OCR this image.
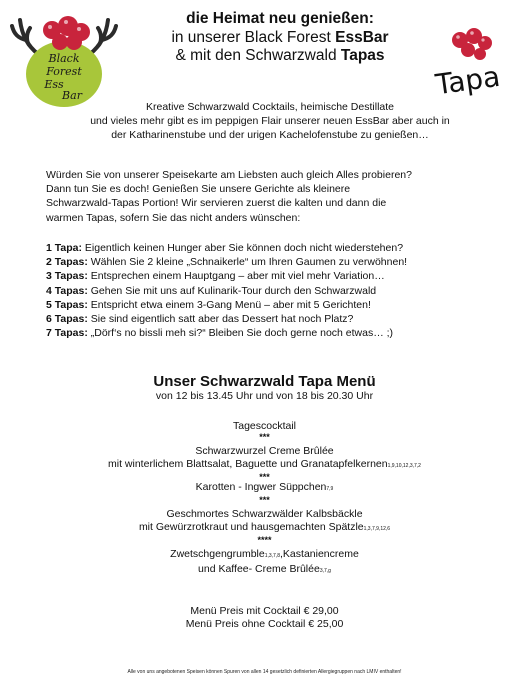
Black
Forest
Ess
Bar	Tapa
die Heimat neu genießen:
in unserer Black Forest EssBar
& mit den Schwarzwald Tapas
Kreative Schwarzwald Cocktails, heimische Destillate
und vieles mehr gibt es im peppigen Flair unserer neuen EssBar aber auch in
der Katharinenstube und der urigen Kachelofenstube zu genießen…
Würden Sie von unserer Speisekarte am Liebsten auch gleich Alles probieren?
Dann tun Sie es doch! Genießen Sie unsere Gerichte als kleinere
Schwarzwald-Tapas Portion! Wir servieren zuerst die kalten und dann die
warmen Tapas, sofern Sie das nicht anders wünschen:
1 Tapa: Eigentlich keinen Hunger aber Sie können doch nicht wiederstehen?
2 Tapas: Wählen Sie 2 kleine „Schnaikerle“ um Ihren Gaumen zu verwöhnen!
3 Tapas: Entsprechen einem Hauptgang – aber mit viel mehr Variation…
4 Tapas: Gehen Sie mit uns auf Kulinarik-Tour durch den Schwarzwald
5 Tapas: Entspricht etwa einem 3-Gang Menü – aber mit 5 Gerichten!
6 Tapas: Sie sind eigentlich satt aber das Dessert hat noch Platz?
7 Tapas: „Dörf‘s no bissli meh si?“ Bleiben Sie doch gerne noch etwas… ;)
Unser Schwarzwald Tapa Menü
von 12 bis 13.45 Uhr und von 18 bis 20.30 Uhr
Tagescocktail
***
Schwarzwurzel Creme Brûlée
mit winterlichem Blattsalat, Baguette und Granatapfelkernen1,9,10,12,3,7,2
***
Karotten - Ingwer Süppchen7,9
***
Geschmortes Schwarzwälder Kalbsbäckle
mit Gewürzrotkraut und hausgemachten Spätzle1,3,7,9,12,6
****
Zwetschgengrumble1,3,7,8,Kastaniencreme
und Kaffee- Creme Brûlée3,7,g
Menü Preis mit Cocktail € 29,00
Menü Preis ohne Cocktail € 25,00
Alle von uns angebotenen Speisen können Spuren von allen 14 gesetzlich definierten Allergiegruppen nach LMIV enthalten!
